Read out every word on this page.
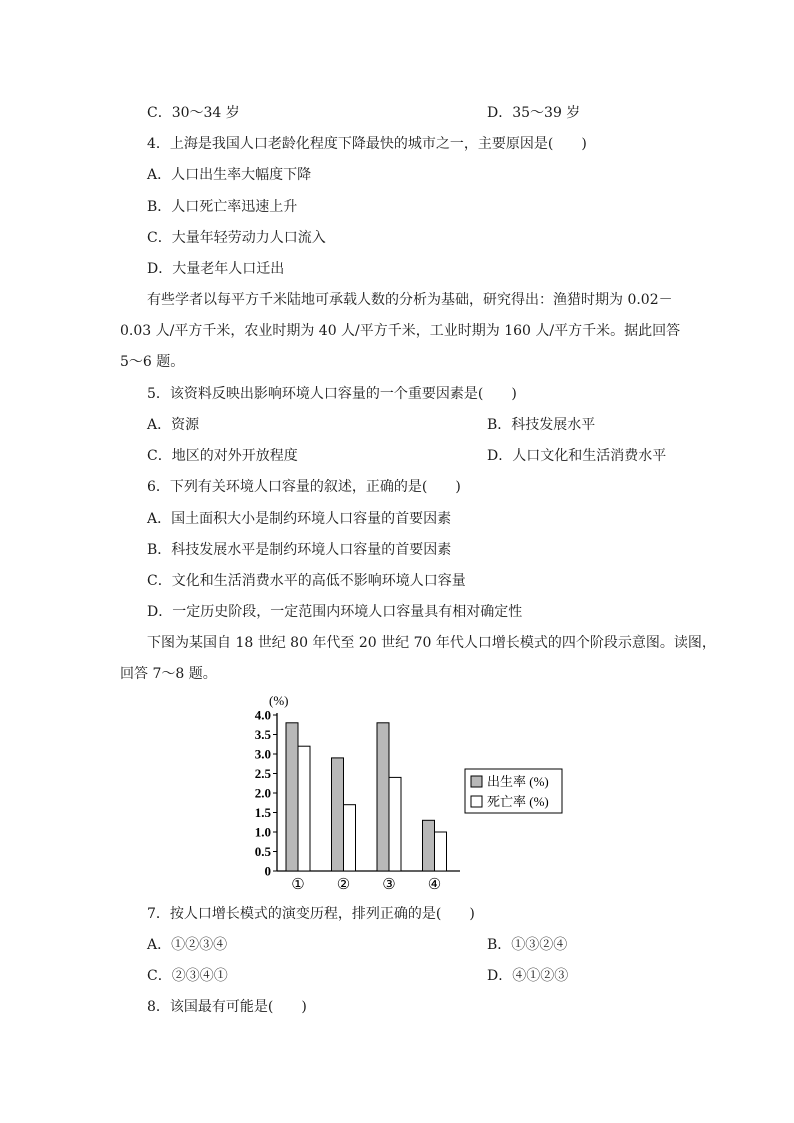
C．30～34 岁	D．35～39 岁
4．上海是我国人口老龄化程度下降最快的城市之一，主要原因是(　　)
A．人口出生率大幅度下降
B．人口死亡率迅速上升
C．大量年轻劳动力人口流入
D．大量老年人口迁出
有些学者以每平方千米陆地可承载人数的分析为基础，研究得出：渔猎时期为 0.02－
0.03 人/平方千米，农业时期为 40 人/平方千米，工业时期为 160 人/平方千米。据此回答
5～6 题。
5．该资料反映出影响环境人口容量的一个重要因素是(　　)
A．资源	B．科技发展水平
C．地区的对外开放程度	D．人口文化和生活消费水平
6．下列有关环境人口容量的叙述，正确的是(　　)
A．国土面积大小是制约环境人口容量的首要因素
B．科技发展水平是制约环境人口容量的首要因素
C．文化和生活消费水平的高低不影响环境人口容量
D．一定历史阶段，一定范围内环境人口容量具有相对确定性
下图为某国自 18 世纪 80 年代至 20 世纪 70 年代人口增长模式的四个阶段示意图。读图，
回答 7～8 题。
(%)
0
0.5
1.0
1.5
2.0
2.5
3.0
3.5
4.0
① ② ③ ④
出生率 (%)
死亡率 (%)
7．按人口增长模式的演变历程，排列正确的是(　　)
A．①②③④	B．①③②④
C．②③④①	D．④①②③
8．该国最有可能是(　　)
